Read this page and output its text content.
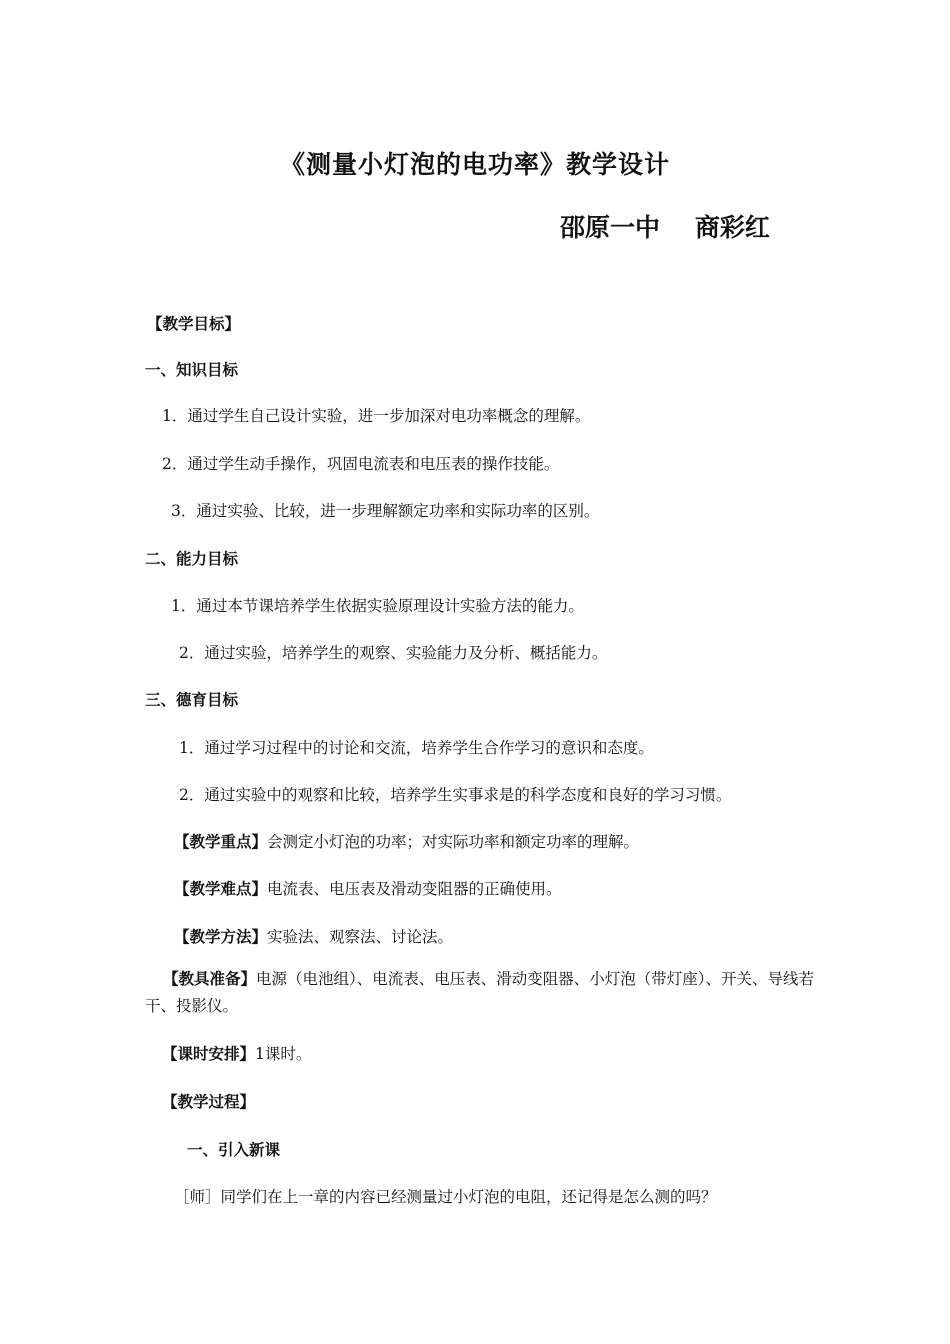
《测量小灯泡的电功率》教学设计
邵原一中    商彩红
【教学目标】
一、知识目标
1．通过学生自己设计实验，进一步加深对电功率概念的理解。
2．通过学生动手操作，巩固电流表和电压表的操作技能。
3．通过实验、比较，进一步理解额定功率和实际功率的区别。
二、能力目标
1．通过本节课培养学生依据实验原理设计实验方法的能力。
2．通过实验，培养学生的观察、实验能力及分析、概括能力。
三、德育目标
1．通过学习过程中的讨论和交流，培养学生合作学习的意识和态度。
2．通过实验中的观察和比较，培养学生实事求是的科学态度和良好的学习习惯。
【教学重点】会测定小灯泡的功率；对实际功率和额定功率的理解。
【教学难点】电流表、电压表及滑动变阻器的正确使用。
【教学方法】实验法、观察法、讨论法。
【教具准备】电源（电池组）、电流表、电压表、滑动变阻器、小灯泡（带灯座）、开关、导线若干、投影仪。
【课时安排】1课时。
【教学过程】
一、引入新课
［师］同学们在上一章的内容已经测量过小灯泡的电阻，还记得是怎么测的吗？
